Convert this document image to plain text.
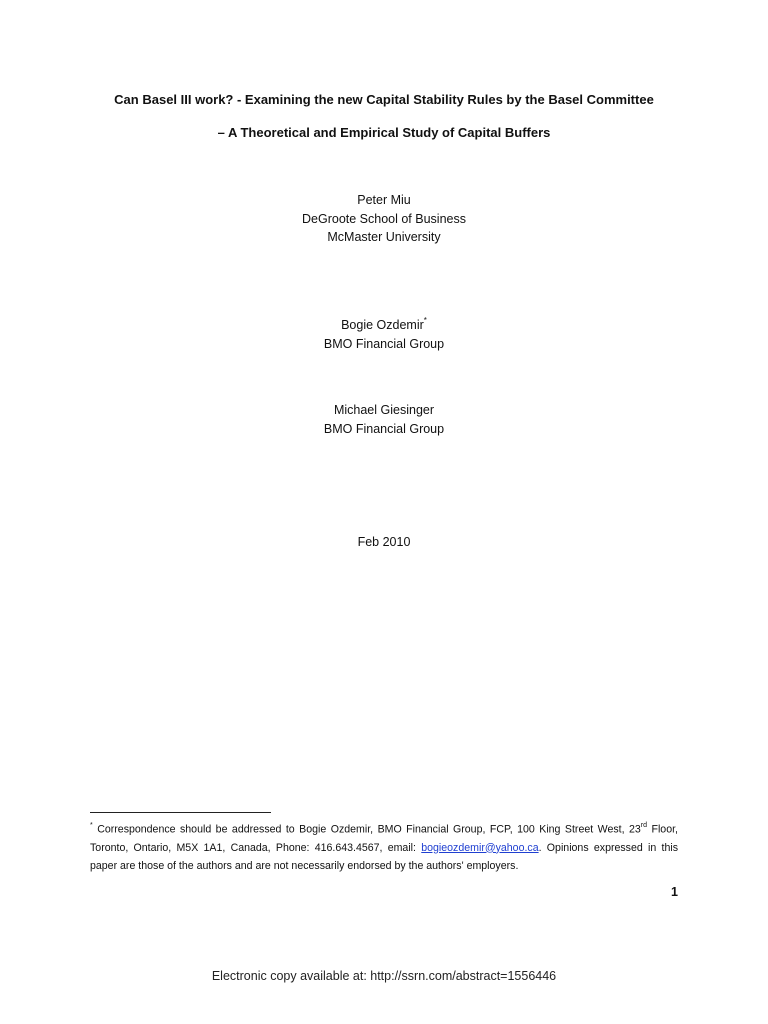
Can Basel III work? - Examining the new Capital Stability Rules by the Basel Committee
– A Theoretical and Empirical Study of Capital Buffers
Peter Miu
DeGroote School of Business
McMaster University
Bogie Ozdemir*
BMO Financial Group
Michael Giesinger
BMO Financial Group
Feb 2010
* Correspondence should be addressed to Bogie Ozdemir, BMO Financial Group, FCP, 100 King Street West, 23rd Floor, Toronto, Ontario, M5X 1A1, Canada, Phone: 416.643.4567, email: bogieozdemir@yahoo.ca. Opinions expressed in this paper are those of the authors and are not necessarily endorsed by the authors' employers.
1
Electronic copy available at: http://ssrn.com/abstract=1556446
